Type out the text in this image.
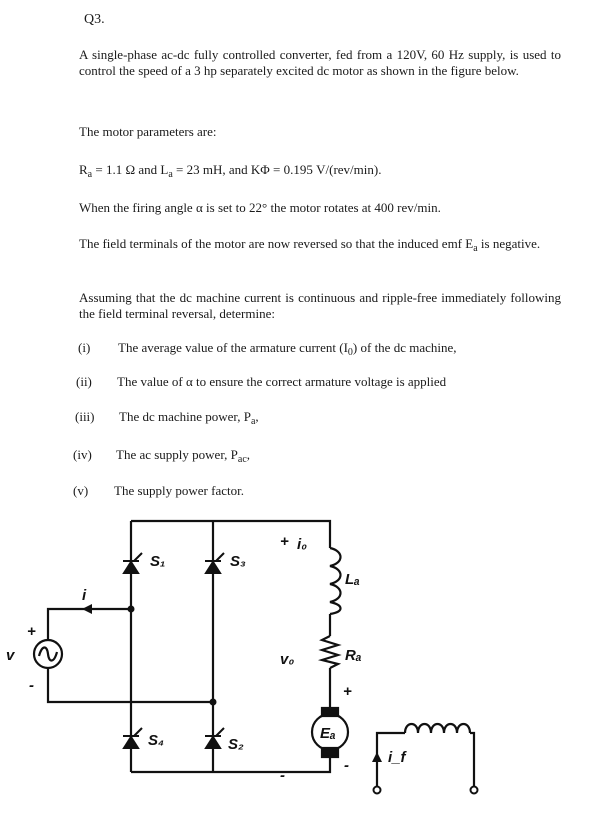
Q3.
A single-phase ac-dc fully controlled converter, fed from a 120V, 60 Hz supply, is used to control the speed of a 3 hp separately excited dc motor as shown in the figure below.
The motor parameters are:
$R_a = 1.1$ Ω and $L_a = 23$ mH, and KΦ = 0.195 V/(rev/min).
When the firing angle α is set to 22° the motor rotates at 400 rev/min.
The field terminals of the motor are now reversed so that the induced emf $E_a$ is negative.
Assuming that the dc machine current is continuous and ripple-free immediately following the field terminal reversal, determine:
(i) The average value of the armature current $(I_0)$ of the dc machine,
(ii) The value of α to ensure the correct armature voltage is applied
(iii) The dc machine power, $P_a$,
(iv) The ac supply power, $P_{ac}$,
(v) The supply power factor.
S₁	S₃
S₄	S₂
i
i₀
+
v₀
Lₐ
Rₐ
+
Eₐ
-
-
i_f
v
+
-
